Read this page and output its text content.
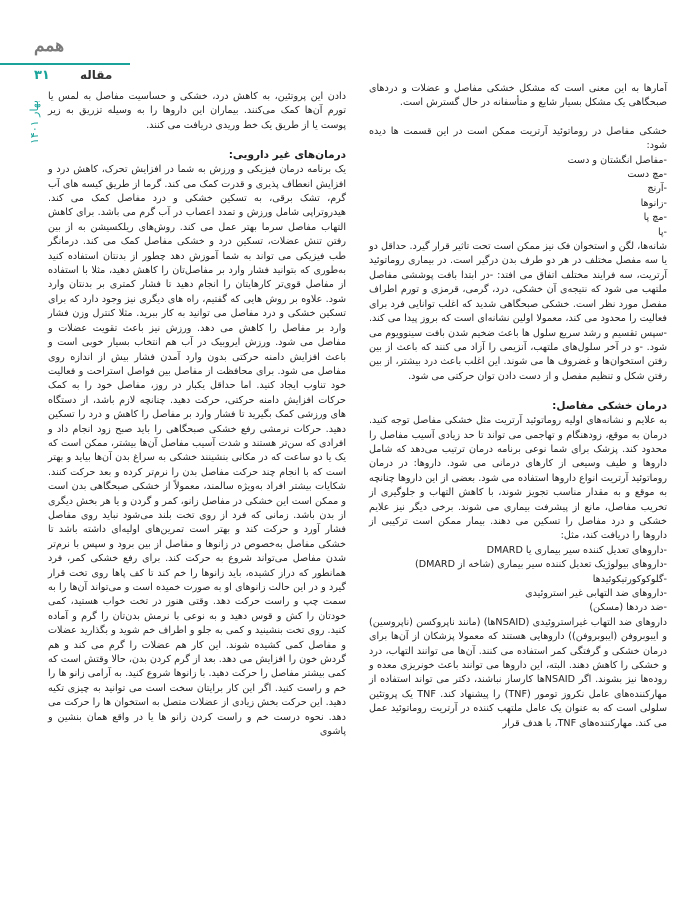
همم
۳۱	مقاله
بهار ۱۴۰۱

آمارها به این معنی است که مشکل خشکی مفاصل و عضلات و دردهای صبحگاهی یک مشکل بسیار شایع و متأسفانه در حال گسترش است.

خشکی مفاصل در روماتوئید آرتریت ممکن است در این قسمت ها دیده شود:

-مفاصل انگشتان و دست

-مچ دست

-آرنج

-زانوها

-مچ پا

-پا

شانه‌ها، لگن و استخوان فک نیز ممکن است تحت تاثیر قرار گیرد. حداقل دو یا سه مفصل مختلف در هر دو طرف بدن درگیر است. در بیماری روماتوئید آرتریت، سه فرایند مختلف اتفاق می افتد: -در ابتدا بافت پوششی مفاصل ملتهب می شود که نتیجه‌ی آن خشکی، درد، گرمی، قرمزی و تورم اطراف مفصل مورد نظر است. خشکی صبحگاهی شدید که اغلب توانایی فرد برای فعالیت را محدود می کند، معمولا اولین نشانه‌ای است که بروز پیدا می کند. -سپس تقسیم و رشد سریع سلول ها باعث ضخیم شدن بافت سینوویوم می شود. -و در آخر سلول‌های ملتهب، آنزیمی را آزاد می کنند که باعث از بین رفتن استخوان‌ها و غضروف ها می شوند. این اغلب باعث درد بیشتر، از بین رفتن شکل و تنظیم مفصل و از دست دادن توان حرکتی می شود.

درمان خشکی مفاصل:

به علایم و نشانه‌های اولیه روماتوئید آرتریت مثل خشکی مفاصل توجه کنید. درمان به موقع، زودهنگام و تهاجمی می تواند تا حد زیادی آسیب مفاصل را محدود کند. پزشک برای شما نوعی برنامه درمان ترتیب می‌دهد که شامل داروها و طیف وسیعی از کارهای درمانی می شود. داروها: در درمان روماتوئید آرتریت انواع داروها استفاده می شود. بعضی از این داروها چنانچه به موقع و به مقدار مناسب تجویز شوند، با کاهش التهاب و جلوگیری از تخریب مفاصل، مانع از پیشرفت بیماری می شوند. برخی دیگر نیز علایم خشکی و درد مفاصل را تسکین می دهند. بیمار ممکن است ترکیبی از داروها را دریافت کند، مثل:

-داروهای تعدیل کننده سیر بیماری یا DMARD

-داروهای بیولوژیک تعدیل کننده سیر بیماری (شاخه از DMARD)

-گلوکوکورتیکوئیدها

-داروهای ضد التهابی غیر استروئیدی

-ضد دردها (مسکن)

داروهای ضد التهاب غیراستروئیدی (NSAIDها) (مانند ناپروکسن (ناپروسین) و ایبوبروفن (ایبوبروفن)) داروهایی هستند که معمولا پزشکان از آن‌ها برای درمان خشکی و گرفتگی کمر استفاده می کنند. آن‌ها می توانند التهاب، درد و خشکی را کاهش دهند. البته، این داروها می توانند باعث خونریزی معده و روده‌ها نیز بشوند. اگر NSAIDها کارساز نباشند، دکتر می تواند استفاده از مهارکننده‌های عامل نکروز تومور (TNF) را پیشنهاد کند. TNF یک پروتئین سلولی است که به عنوان یک عامل ملتهب کننده در آرتریت روماتوئید عمل می کند. مهارکننده‌های TNF، با هدف قرار

دادن این پروتئین، به کاهش درد، خشکی و حساسیت مفاصل به لمس یا تورم آن‌ها کمک می‌کنند. بیماران این داروها را به وسیله تزریق به زیر پوست یا از طریق یک خط وریدی دریافت می کنند.

درمان‌های غیر دارویی:

یک برنامه درمان فیزیکی و ورزش به شما در افزایش تحرک، کاهش درد و افزایش انعطاف پذیری و قدرت کمک می کند. گرما از طریق کیسه های آب گرم، تشک برقی، به تسکین خشکی و درد مفاصل کمک می کند. هیدروتراپی شامل ورزش و تمدد اعصاب در آب گرم می باشد. برای کاهش التهاب مفاصل سرما بهتر عمل می کند. روش‌های ریلکسیشن به از بین رفتن تنش عضلات، تسکین درد و خشکی مفاصل کمک می کند. درمانگر طب فیزیکی می تواند به شما آموزش دهد چطور از بدنتان استفاده کنید به‌طوری که بتوانید فشار وارد بر مفاصل‌تان را کاهش دهید، مثلا با استفاده از مفاصل قوی‌تر کارهایتان را انجام دهید تا فشار کمتری بر بدنتان وارد شود. علاوه بر روش هایی که گفتیم، راه های دیگری نیز وجود دارد که برای تسکین خشکی و درد مفاصل می توانید به کار ببرید. مثلا کنترل وزن فشار وارد بر مفاصل را کاهش می دهد. ورزش نیز باعث تقویت عضلات و مفاصل می شود. ورزش ایروبیک در آب هم انتخاب بسیار خوبی است و باعث افزایش دامنه حرکتی بدون وارد آمدن فشار بیش از اندازه روی مفاصل می شود. برای محافظت از مفاصل بین فواصل استراحت و فعالیت خود تناوب ایجاد کنید. اما حداقل یکبار در روز، مفاصل خود را به کمک حرکات افزایش دامنه حرکتی، حرکت دهید. چنانچه لازم باشد، از دستگاه های ورزشی کمک بگیرید تا فشار وارد بر مفاصل را کاهش و درد را تسکین دهید. حرکات نرمشی رفع خشکی صبحگاهی را باید صبح زود انجام داد و افرادی که سن‌تر هستند و شدت آسیب مفاصل آن‌ها بیشتر، ممکن است که یک یا دو ساعت که در مکانی بنشینند خشکی به سراغ بدن آن‌ها بیاید و بهتر است که با انجام چند حرکت مفاصل بدن را نرم‌تر کرده و بعد حرکت کنند. شکایات بیشتر افراد به‌ویژه سالمند، معمولاً از خشکی صبحگاهی بدن است و ممکن است این خشکی در مفاصل زانو، کمر و گردن و یا هر بخش دیگری از بدن باشد. زمانی که فرد از روی تخت بلند می‌شود نباید روی مفاصل فشار آورد و حرکت کند و بهتر است تمرین‌های اولیه‌ای داشته باشد تا خشکی مفاصل به‌خصوص در زانوها و مفاصل از بین برود و سپس با نرم‌تر شدن مفاصل می‌تواند شروع به حرکت کند. برای رفع خشکی کمر، فرد همانطور که دراز کشیده، باید زانوها را خم کند تا کف پاها روی تخت قرار گیرد و در این حالت زانوهای او به صورت خمیده است و می‌تواند آن‌ها را به سمت چپ و راست حرکت دهد. وقتی هنوز در تخت خواب هستید، کمی خودتان را کش و قوس دهید و به نوعی با نرمش بدن‌تان را گرم و آماده کنید. روی تخت بنشینید و کمی به جلو و اطراف خم شوید و بگذارید عضلات و مفاصل کمی کشیده شوند. این کار هم عضلات را گرم می کند و هم گردش خون را افزایش می دهد. بعد از گرم کردن بدن، حالا وقتش است که کمی بیشتر مفاصل را حرکت دهید. با زانوها شروع کنید. به آرامی زانو ها را خم و راست کنید. اگر این کار برایتان سخت است می توانید به چیزی تکیه دهید. این حرکت بخش زیادی از عضلات متصل به استخوان ها را حرکت می دهد. نحوه درست خم و راست کردن زانو ها یا در واقع همان بنشین و پاشوی
